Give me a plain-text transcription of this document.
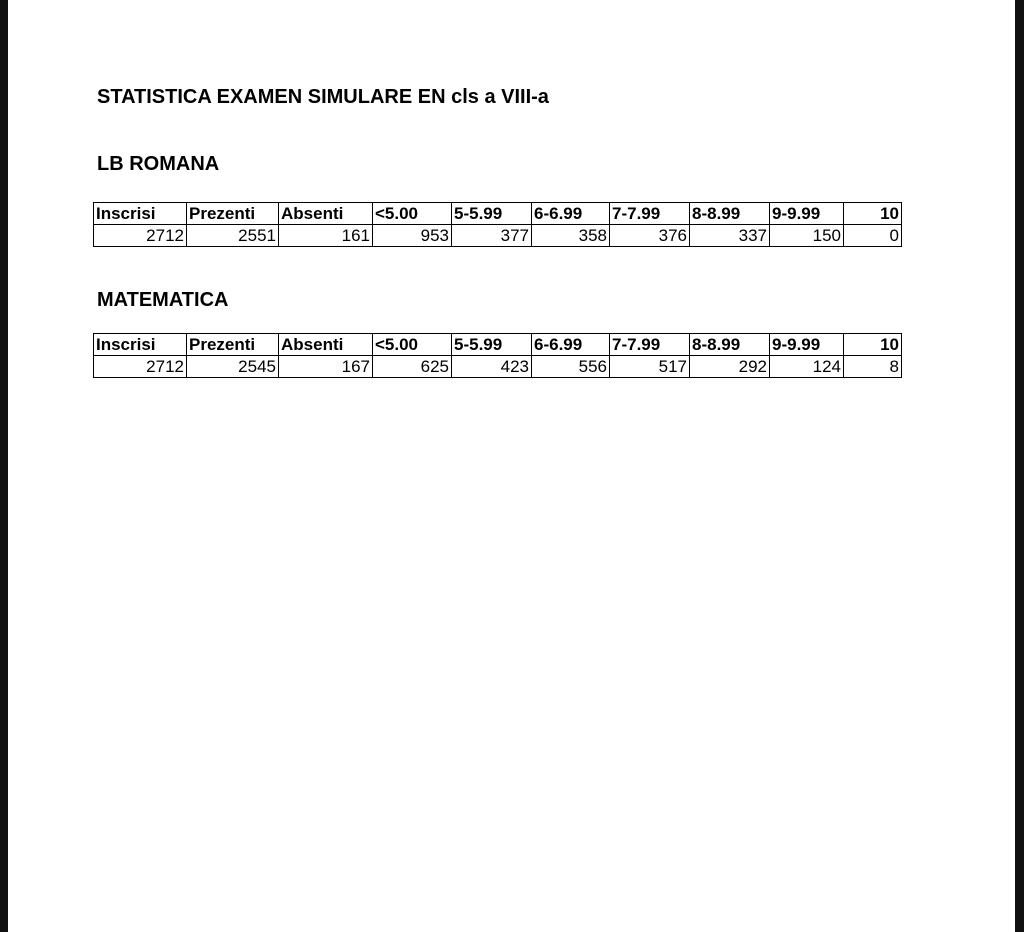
STATISTICA EXAMEN SIMULARE EN cls a VIII-a
LB ROMANA
Inscrisi	Prezenti	Absenti	<5.00	5-5.99	6-6.99	7-7.99	8-8.99	9-9.99	10
2712	2551	161	953	377	358	376	337	150	0
MATEMATICA
Inscrisi	Prezenti	Absenti	<5.00	5-5.99	6-6.99	7-7.99	8-8.99	9-9.99	10
2712	2545	167	625	423	556	517	292	124	8
